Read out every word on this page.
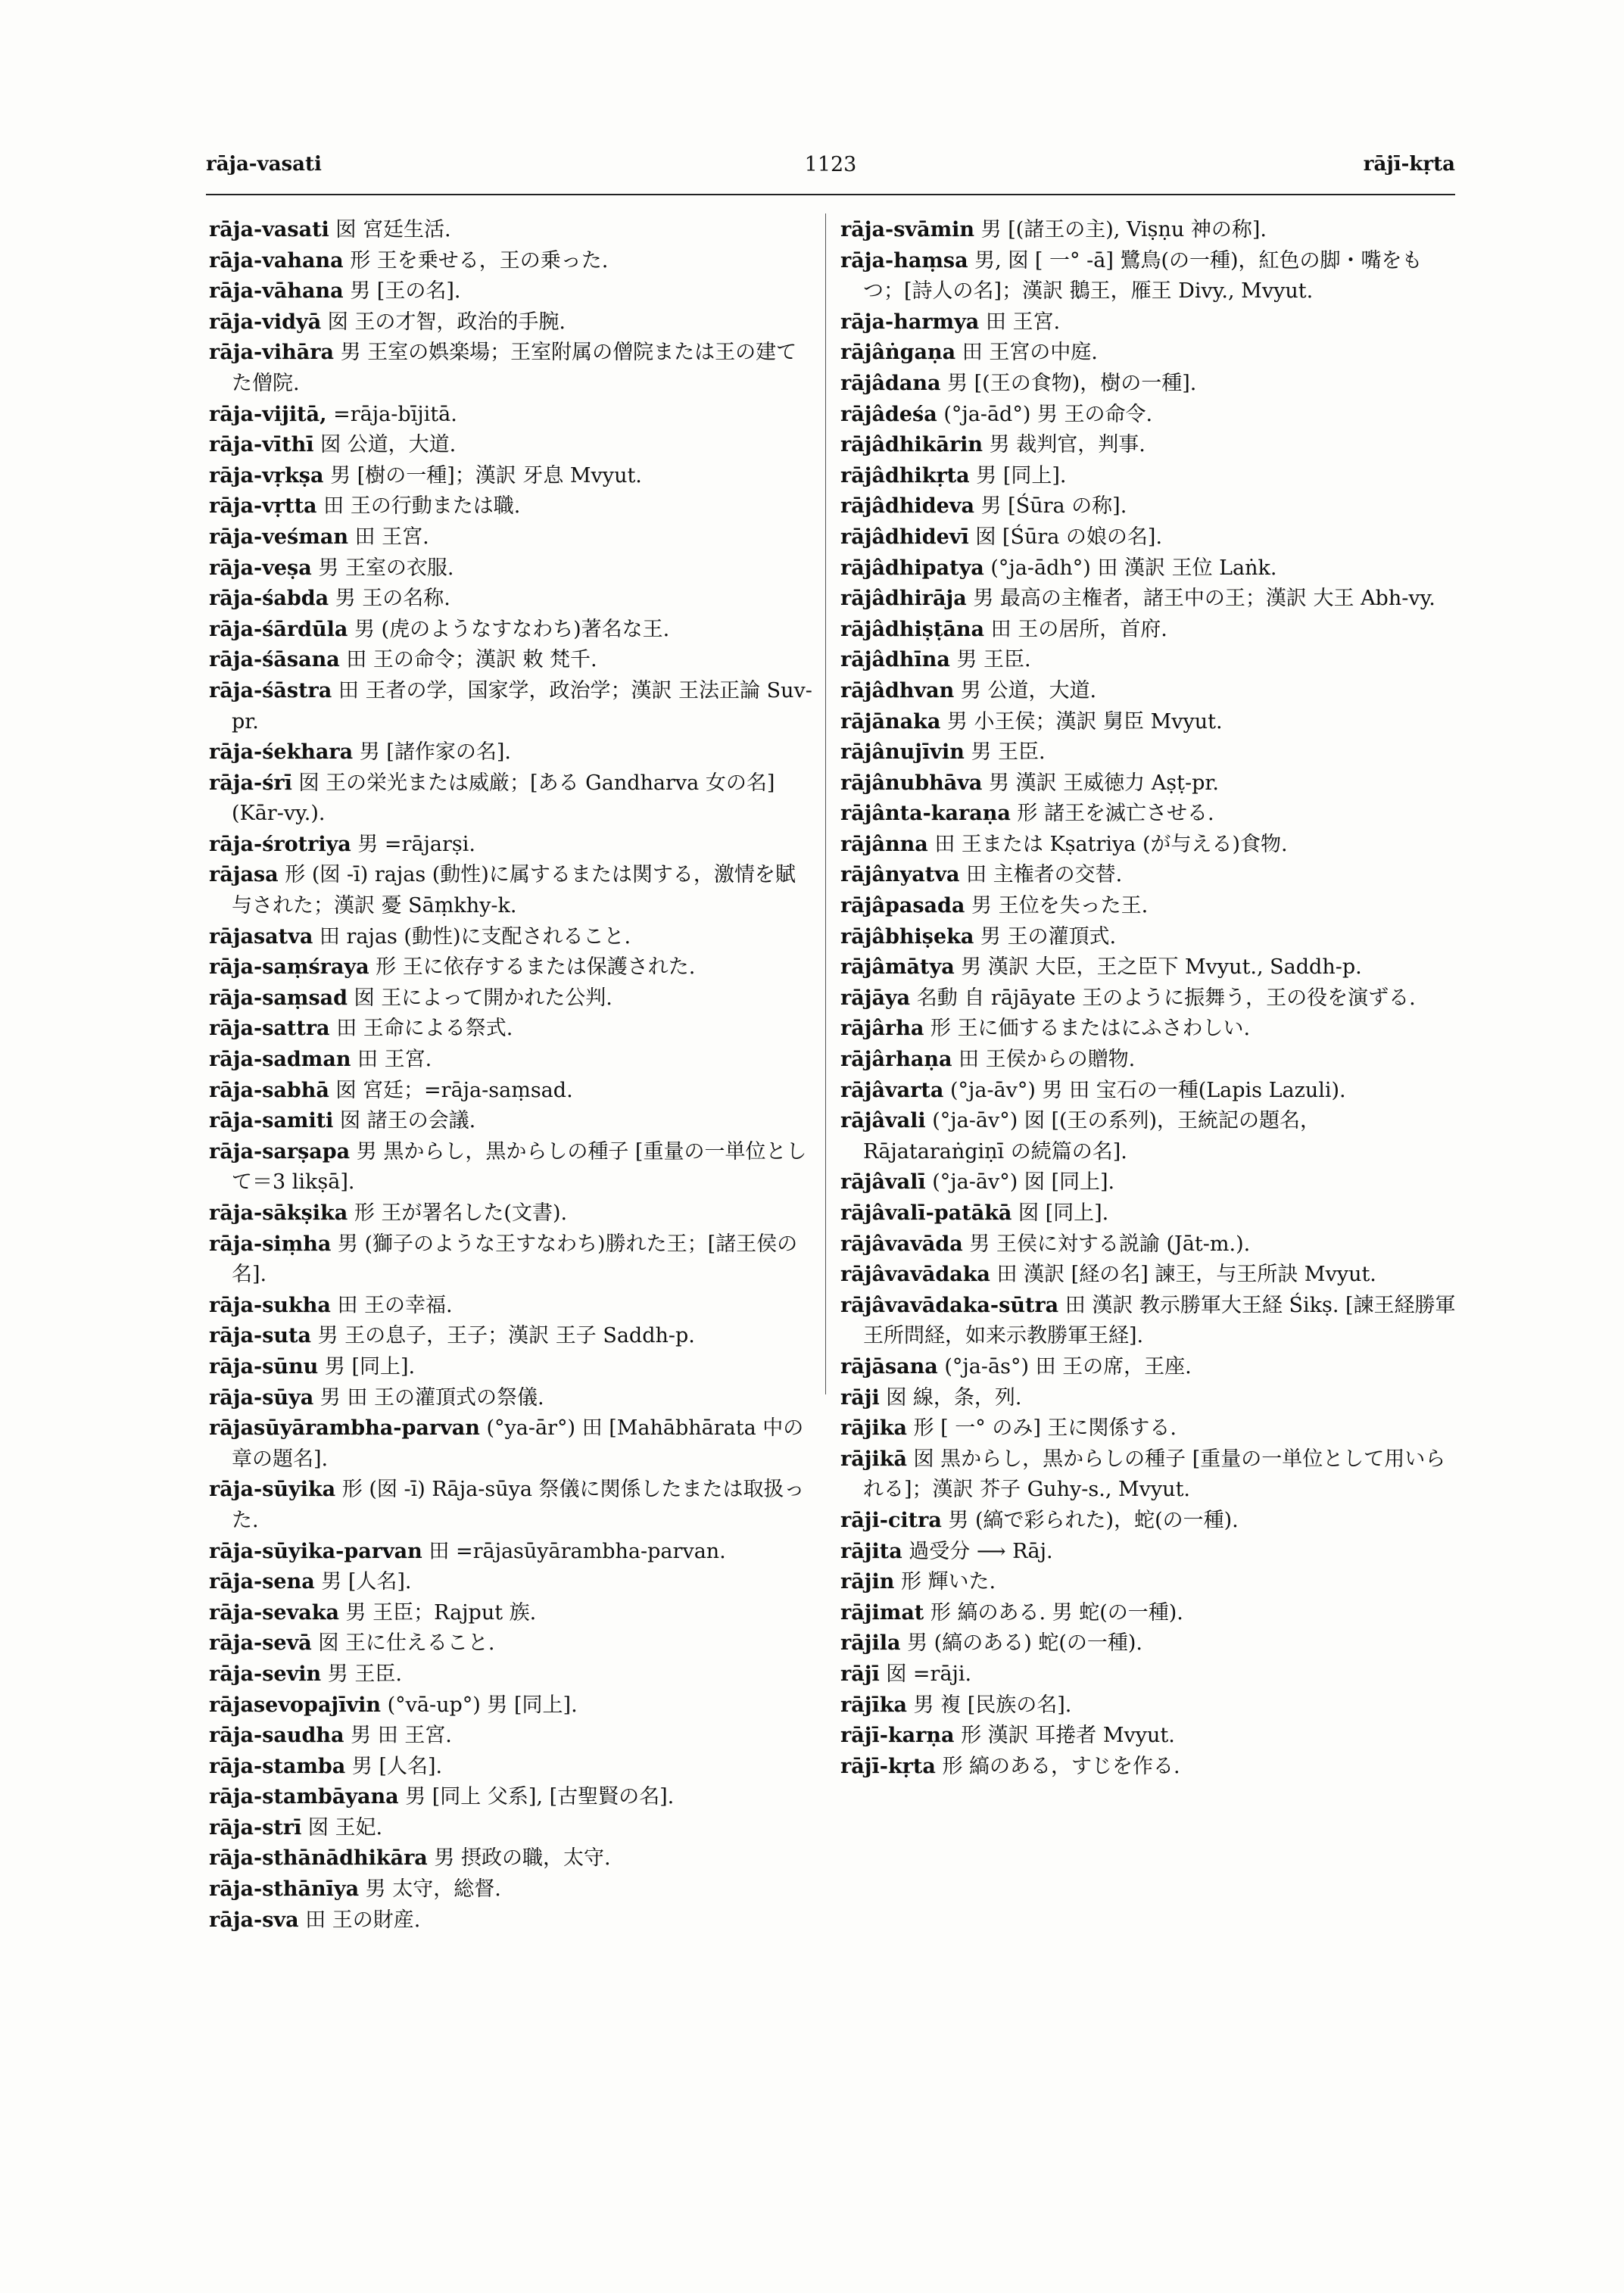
rāja-vasati	1123	rājī-kṛta

rāja-vasati 囡 宮廷生活.

rāja-vahana 形 王を乗せる，王の乗った.

rāja-vāhana 男 [王の名].

rāja-vidyā 囡 王の才智，政治的手腕.

rāja-vihāra 男 王室の娯楽場；王室附属の僧院または王の建てた僧院.

rāja-vijitā, =rāja-bījitā.

rāja-vīthī 囡 公道，大道.

rāja-vṛkṣa 男 [樹の一種]；漢訳 牙息 Mvyut.

rāja-vṛtta 田 王の行動または職.

rāja-veśman 田 王宮.

rāja-veṣa 男 王室の衣服.

rāja-śabda 男 王の名称.

rāja-śārdūla 男 (虎のようなすなわち)著名な王.

rāja-śāsana 田 王の命令；漢訳 敕 梵千.

rāja-śāstra 田 王者の学，国家学，政治学；漢訳 王法正論 Suv-pr.

rāja-śekhara 男 [諸作家の名].

rāja-śrī 囡 王の栄光または威厳；[ある Gandharva 女の名] (Kār-vy.).

rāja-śrotriya 男 =rājarṣi.

rājasa 形 (囡 -ī) rajas (動性)に属するまたは関する，激情を賦与された；漢訳 憂 Sāṃkhy-k.

rājasatva 田 rajas (動性)に支配されること.

rāja-saṃśraya 形 王に依存するまたは保護された.

rāja-saṃsad 囡 王によって開かれた公判.

rāja-sattra 田 王命による祭式.

rāja-sadman 田 王宮.

rāja-sabhā 囡 宮廷；=rāja-saṃsad.

rāja-samiti 囡 諸王の会議.

rāja-sarṣapa 男 黒からし，黒からしの種子 [重量の一単位として＝3 likṣā].

rāja-sākṣika 形 王が署名した(文書).

rāja-siṃha 男 (獅子のような王すなわち)勝れた王；[諸王侯の名].

rāja-sukha 田 王の幸福.

rāja-suta 男 王の息子，王子；漢訳 王子 Saddh-p.

rāja-sūnu 男 [同上].

rāja-sūya 男 田 王の灌頂式の祭儀.

rājasūyārambha-parvan (°ya-ār°) 田 [Mahābhārata 中の章の題名].

rāja-sūyika 形 (囡 -ī) Rāja-sūya 祭儀に関係したまたは取扱った.

rāja-sūyika-parvan 田 =rājasūyārambha-parvan.

rāja-sena 男 [人名].

rāja-sevaka 男 王臣；Rajput 族.

rāja-sevā 囡 王に仕えること.

rāja-sevin 男 王臣.

rājasevopajīvin (°vā-up°) 男 [同上].

rāja-saudha 男 田 王宮.

rāja-stamba 男 [人名].

rāja-stambāyana 男 [同上 父系], [古聖賢の名].

rāja-strī 囡 王妃.

rāja-sthānādhikāra 男 摂政の職，太守.

rāja-sthānīya 男 太守，総督.

rāja-sva 田 王の財産.

rāja-svāmin 男 [(諸王の主), Viṣṇu 神の称].

rāja-haṃsa 男, 囡 [ 一° -ā] 鷺鳥(の一種)，紅色の脚・嘴をもつ；[詩人の名]；漢訳 鵝王，雁王 Divy., Mvyut.

rāja-harmya 田 王宮.

rājâṅgaṇa 田 王宮の中庭.

rājâdana 男 [(王の食物)，樹の一種].

rājâdeśa (°ja-ād°) 男 王の命令.

rājâdhikārin 男 裁判官，判事.

rājâdhikṛta 男 [同上].

rājâdhideva 男 [Śūra の称].

rājâdhidevī 囡 [Śūra の娘の名].

rājâdhipatya (°ja-ādh°) 田 漢訳 王位 Laṅk.

rājâdhirāja 男 最高の主権者，諸王中の王；漢訳 大王 Abh-vy.

rājâdhiṣṭāna 田 王の居所，首府.

rājâdhīna 男 王臣.

rājâdhvan 男 公道，大道.

rājānaka 男 小王侯；漢訳 舅臣 Mvyut.

rājânujīvin 男 王臣.

rājânubhāva 男 漢訳 王威徳力 Aṣṭ-pr.

rājânta-karaṇa 形 諸王を滅亡させる.

rājânna 田 王または Kṣatriya (が与える)食物.

rājânyatva 田 主権者の交替.

rājâpasada 男 王位を失った王.

rājâbhiṣeka 男 王の灌頂式.

rājâmātya 男 漢訳 大臣，王之臣下 Mvyut., Saddh-p.

rājāya 名動 自 rājāyate 王のように振舞う，王の役を演ずる.

rājârha 形 王に価するまたはにふさわしい.

rājârhaṇa 田 王侯からの贈物.

rājâvarta (°ja-āv°) 男 田 宝石の一種(Lapis Lazuli).

rājâvali (°ja-āv°) 囡 [(王の系列)，王統記の題名，Rājataraṅgiṇī の続篇の名].

rājâvalī (°ja-āv°) 囡 [同上].

rājâvalī-patākā 囡 [同上].

rājâvavāda 男 王侯に対する説諭 (Jāt-m.).

rājâvavādaka 田 漢訳 [経の名] 諫王，与王所訣 Mvyut.

rājâvavādaka-sūtra 田 漢訳 教示勝軍大王経 Śikṣ. [諫王経勝軍王所問経，如来示教勝軍王経].

rājāsana (°ja-ās°) 田 王の席，王座.

rāji 囡 線，条，列.

rājika 形 [ 一° のみ] 王に関係する.

rājikā 囡 黒からし，黒からしの種子 [重量の一単位として用いられる]；漢訳 芥子 Guhy-s., Mvyut.

rāji-citra 男 (縞で彩られた)，蛇(の一種).

rājita 過受分 ⟶ Rāj.

rājin 形 輝いた.

rājimat 形 縞のある. 男 蛇(の一種).

rājila 男 (縞のある) 蛇(の一種).

rājī 囡 =rāji.

rājīka 男 複 [民族の名].

rājī-karṇa 形 漢訳 耳捲者 Mvyut.

rājī-kṛta 形 縞のある，すじを作る.
